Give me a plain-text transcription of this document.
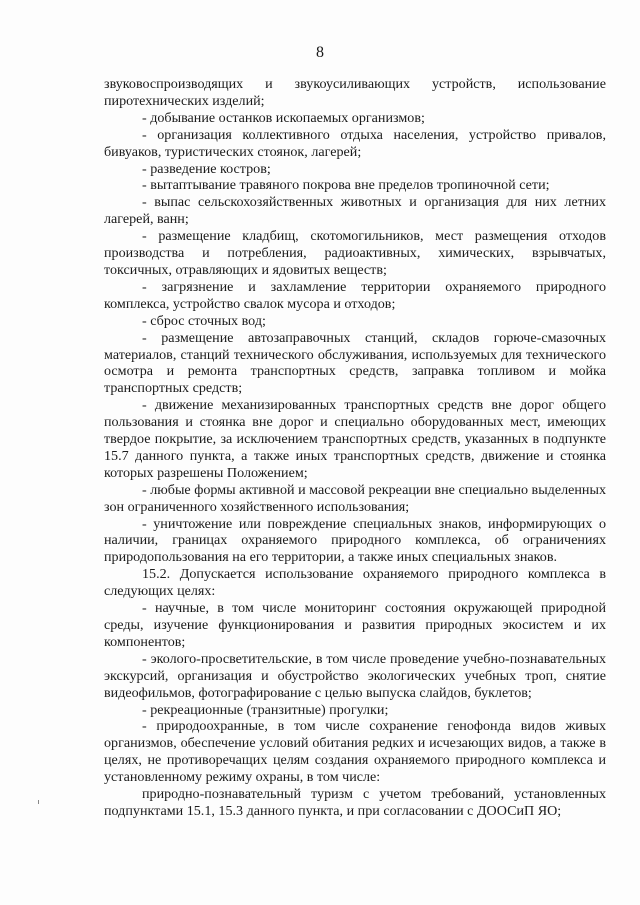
8

звуковоспроизводящих и звукоусиливающих устройств, использование пиротехнических изделий;

- добывание останков ископаемых организмов;

- организация коллективного отдыха населения, устройство привалов, бивуаков, туристических стоянок, лагерей;

- разведение костров;

- вытаптывание травяного покрова вне пределов тропиночной сети;

- выпас сельскохозяйственных животных и организация для них летних лагерей, ванн;

- размещение кладбищ, скотомогильников, мест размещения отходов производства и потребления, радиоактивных, химических, взрывчатых, токсичных, отравляющих и ядовитых веществ;

- загрязнение и захламление территории охраняемого природного комплекса, устройство свалок мусора и отходов;

- сброс сточных вод;

- размещение автозаправочных станций, складов горюче-смазочных материалов, станций технического обслуживания, используемых для технического осмотра и ремонта транспортных средств, заправка топливом и мойка транспортных средств;

- движение механизированных транспортных средств вне дорог общего пользования и стоянка вне дорог и специально оборудованных мест, имеющих твердое покрытие, за исключением транспортных средств, указанных в подпункте 15.7 данного пункта, а также иных транспортных средств, движение и стоянка которых разрешены Положением;

- любые формы активной и массовой рекреации вне специально выделенных зон ограниченного хозяйственного использования;

- уничтожение или повреждение специальных знаков, информирующих о наличии, границах охраняемого природного комплекса, об ограничениях природопользования на его территории, а также иных специальных знаков.

15.2. Допускается использование охраняемого природного комплекса в следующих целях:

- научные, в том числе мониторинг состояния окружающей природной среды, изучение функционирования и развития природных экосистем и их компонентов;

- эколого-просветительские, в том числе проведение учебно-познавательных экскурсий, организация и обустройство экологических учебных троп, снятие видеофильмов, фотографирование с целью выпуска слайдов, буклетов;

- рекреационные (транзитные) прогулки;

- природоохранные, в том числе сохранение генофонда видов живых организмов, обеспечение условий обитания редких и исчезающих видов, а также в целях, не противоречащих целям создания охраняемого природного комплекса и установленному режиму охраны, в том числе:

природно-познавательный туризм с учетом требований, установленных подпунктами 15.1, 15.3 данного пункта, и при согласовании с ДООСиП ЯО;
